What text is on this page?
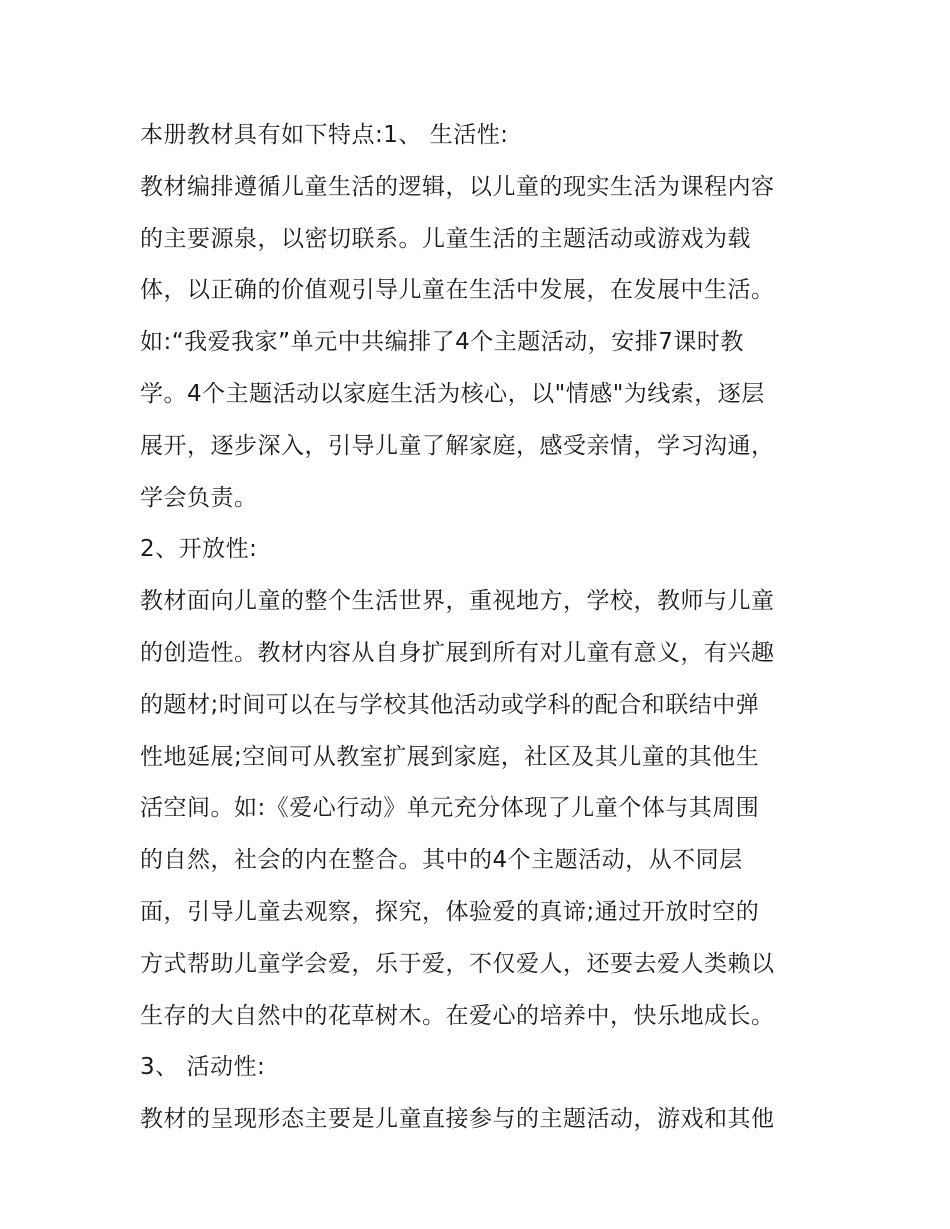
本册教材具有如下特点:1、 生活性:
教材编排遵循儿童生活的逻辑，以儿童的现实生活为课程内容
的主要源泉，以密切联系。儿童生活的主题活动或游戏为载
体，以正确的价值观引导儿童在生活中发展，在发展中生活。
如:“我爱我家”单元中共编排了4个主题活动，安排7课时教
学。4个主题活动以家庭生活为核心，以"情感"为线索，逐层
展开，逐步深入，引导儿童了解家庭，感受亲情，学习沟通，
学会负责。
2、开放性:
教材面向儿童的整个生活世界，重视地方，学校，教师与儿童
的创造性。教材内容从自身扩展到所有对儿童有意义，有兴趣
的题材;时间可以在与学校其他活动或学科的配合和联结中弹
性地延展;空间可从教室扩展到家庭，社区及其儿童的其他生
活空间。如:《爱心行动》单元充分体现了儿童个体与其周围
的自然，社会的内在整合。其中的4个主题活动，从不同层
面，引导儿童去观察，探究，体验爱的真谛;通过开放时空的
方式帮助儿童学会爱，乐于爱，不仅爱人，还要去爱人类赖以
生存的大自然中的花草树木。在爱心的培养中，快乐地成长。
3、 活动性:
教材的呈现形态主要是儿童直接参与的主题活动，游戏和其他
